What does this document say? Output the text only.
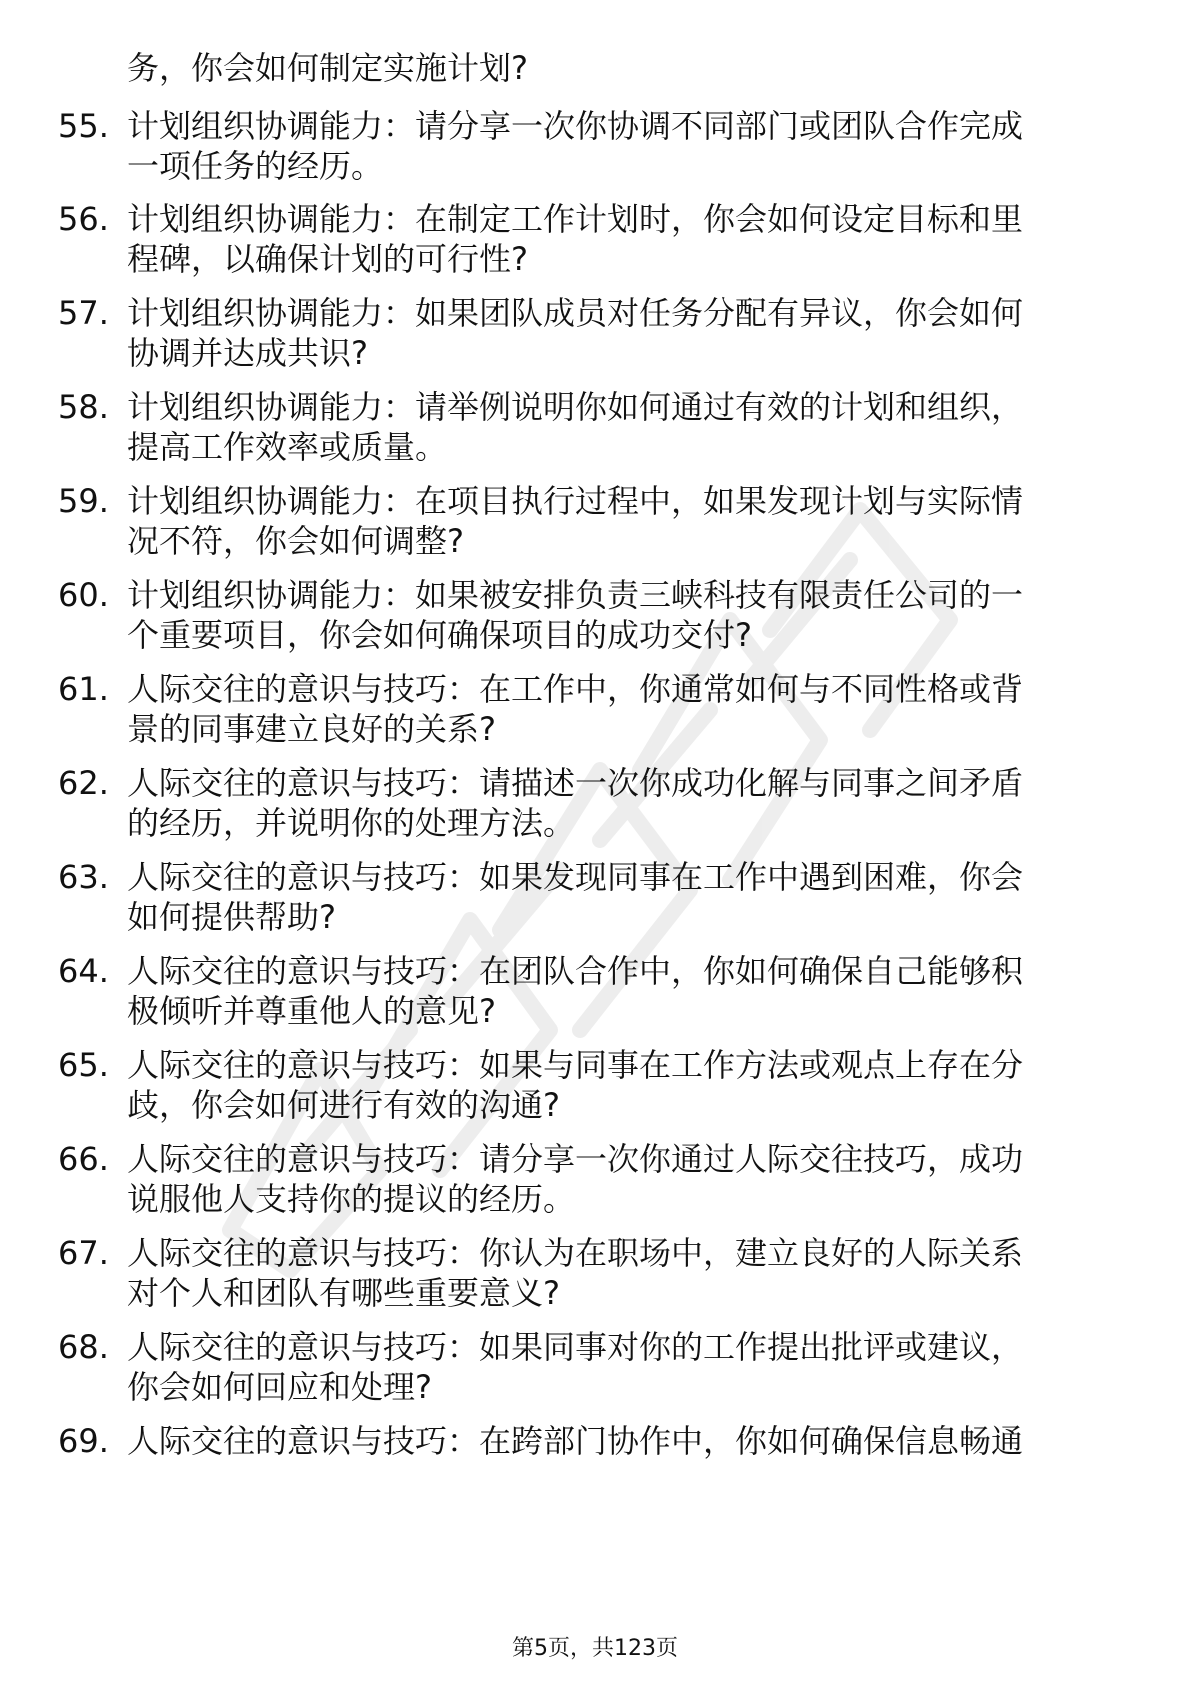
务，你会如何制定实施计划?
55. 计划组织协调能力：请分享一次你协调不同部门或团队合作完成
一项任务的经历。
56. 计划组织协调能力：在制定工作计划时，你会如何设定目标和里
程碑，以确保计划的可行性?
57. 计划组织协调能力：如果团队成员对任务分配有异议，你会如何
协调并达成共识?
58. 计划组织协调能力：请举例说明你如何通过有效的计划和组织，
提高工作效率或质量。
59. 计划组织协调能力：在项目执行过程中，如果发现计划与实际情
况不符，你会如何调整?
60. 计划组织协调能力：如果被安排负责三峡科技有限责任公司的一
个重要项目，你会如何确保项目的成功交付?
61. 人际交往的意识与技巧：在工作中，你通常如何与不同性格或背
景的同事建立良好的关系?
62. 人际交往的意识与技巧：请描述一次你成功化解与同事之间矛盾
的经历，并说明你的处理方法。
63. 人际交往的意识与技巧：如果发现同事在工作中遇到困难，你会
如何提供帮助?
64. 人际交往的意识与技巧：在团队合作中，你如何确保自己能够积
极倾听并尊重他人的意见?
65. 人际交往的意识与技巧：如果与同事在工作方法或观点上存在分
歧，你会如何进行有效的沟通?
66. 人际交往的意识与技巧：请分享一次你通过人际交往技巧，成功
说服他人支持你的提议的经历。
67. 人际交往的意识与技巧：你认为在职场中，建立良好的人际关系
对个人和团队有哪些重要意义?
68. 人际交往的意识与技巧：如果同事对你的工作提出批评或建议，
你会如何回应和处理?
69. 人际交往的意识与技巧：在跨部门协作中，你如何确保信息畅通
第5页，共123页
